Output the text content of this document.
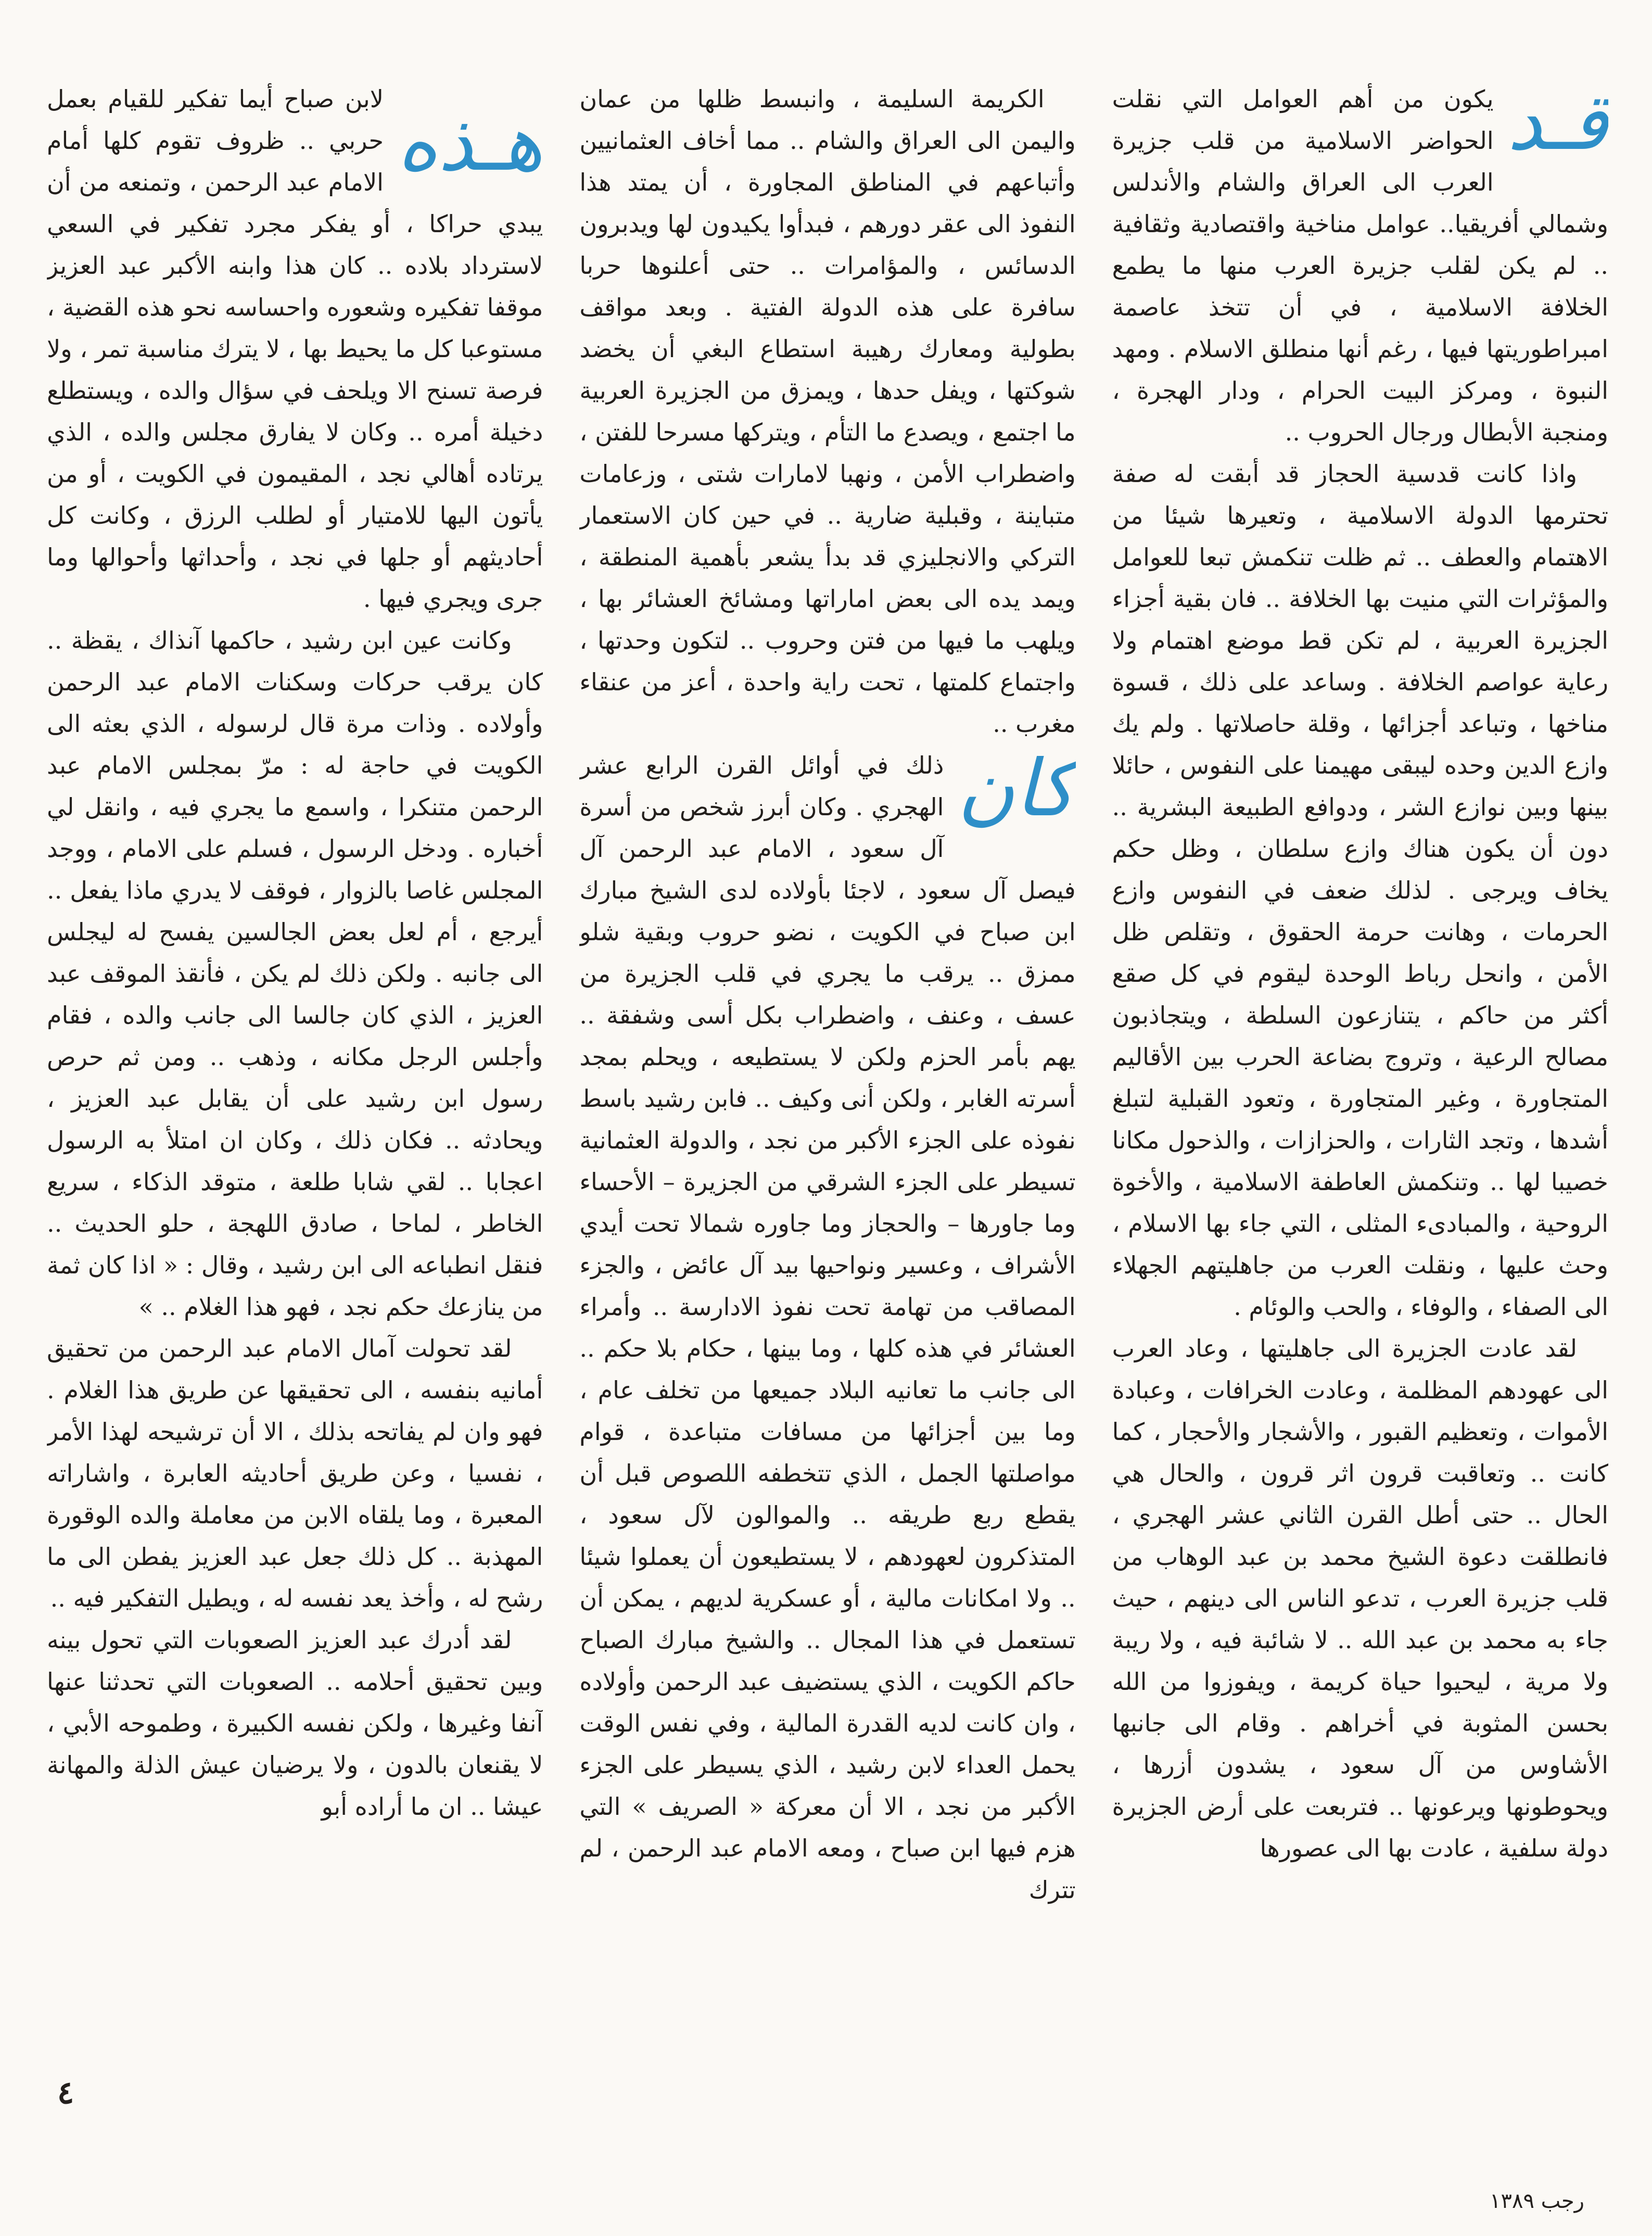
قـد

يكون من أهم العوامل التي نقلت الحواضر الاسلامية من قلب جزيرة العرب الى العراق والشام والأندلس وشمالي أفريقيا.. عوامل مناخية واقتصادية وثقافية .. لم يكن لقلب جزيرة العرب منها ما يطمع الخلافة الاسلامية ، في أن تتخذ عاصمة امبراطوريتها فيها ، رغم أنها منطلق الاسلام . ومهد النبوة ، ومركز البيت الحرام ، ودار الهجرة ، ومنجبة الأبطال ورجال الحروب ..

واذا كانت قدسية الحجاز قد أبقت له صفة تحترمها الدولة الاسلامية ، وتعيرها شيئا من الاهتمام والعطف .. ثم ظلت تنكمش تبعا للعوامل والمؤثرات التي منيت بها الخلافة .. فان بقية أجزاء الجزيرة العربية ، لم تكن قط موضع اهتمام ولا رعاية عواصم الخلافة . وساعد على ذلك ، قسوة مناخها ، وتباعد أجزائها ، وقلة حاصلاتها . ولم يك وازع الدين وحده ليبقى مهيمنا على النفوس ، حائلا بينها وبين نوازع الشر ، ودوافع الطبيعة البشرية .. دون أن يكون هناك وازع سلطان ، وظل حكم يخاف ويرجى . لذلك ضعف في النفوس وازع الحرمات ، وهانت حرمة الحقوق ، وتقلص ظل الأمن ، وانحل رباط الوحدة ليقوم في كل صقع أكثر من حاكم ، يتنازعون السلطة ، ويتجاذبون مصالح الرعية ، وتروج بضاعة الحرب بين الأقاليم المتجاورة ، وغير المتجاورة ، وتعود القبلية لتبلغ أشدها ، وتجد الثارات ، والحزازات ، والذحول مكانا خصيبا لها .. وتنكمش العاطفة الاسلامية ، والأخوة الروحية ، والمبادىء المثلى ، التي جاء بها الاسلام ، وحث عليها ، ونقلت العرب من جاهليتهم الجهلاء الى الصفاء ، والوفاء ، والحب والوئام .

لقد عادت الجزيرة الى جاهليتها ، وعاد العرب الى عهودهم المظلمة ، وعادت الخرافات ، وعبادة الأموات ، وتعظيم القبور ، والأشجار والأحجار ، كما كانت .. وتعاقبت قرون اثر قرون ، والحال هي الحال .. حتى أطل القرن الثاني عشر الهجري ، فانطلقت دعوة الشيخ محمد بن عبد الوهاب من قلب جزيرة العرب ، تدعو الناس الى دينهم ، حيث جاء به محمد بن عبد الله .. لا شائبة فيه ، ولا ريبة ولا مرية ، ليحيوا حياة كريمة ، ويفوزوا من الله بحسن المثوبة في أخراهم . وقام الى جانبها الأشاوس من آل سعود ، يشدون أزرها ، ويحوطونها ويرعونها .. فتربعت على أرض الجزيرة دولة سلفية ، عادت بها الى عصورها

الكريمة السليمة ، وانبسط ظلها من عمان واليمن الى العراق والشام .. مما أخاف العثمانيين وأتباعهم في المناطق المجاورة ، أن يمتد هذا النفوذ الى عقر دورهم ، فبدأوا يكيدون لها ويدبرون الدسائس ، والمؤامرات .. حتى أعلنوها حربا سافرة على هذه الدولة الفتية . وبعد مواقف بطولية ومعارك رهيبة استطاع البغي أن يخضد شوكتها ، ويفل حدها ، ويمزق من الجزيرة العربية ما اجتمع ، ويصدع ما التأم ، ويتركها مسرحا للفتن ، واضطراب الأمن ، ونهبا لامارات شتى ، وزعامات متباينة ، وقبلية ضارية .. في حين كان الاستعمار التركي والانجليزي قد بدأ يشعر بأهمية المنطقة ، ويمد يده الى بعض اماراتها ومشائخ العشائر بها ، ويلهب ما فيها من فتن وحروب .. لتكون وحدتها ، واجتماع كلمتها ، تحت راية واحدة ، أعز من عنقاء مغرب ..

كان

ذلك في أوائل القرن الرابع عشر الهجري . وكان أبرز شخص من أسرة آل سعود ، الامام عبد الرحمن آل فيصل آل سعود ، لاجئا بأولاده لدى الشيخ مبارك ابن صباح في الكويت ، نضو حروب وبقية شلو ممزق .. يرقب ما يجري في قلب الجزيرة من عسف ، وعنف ، واضطراب بكل أسى وشفقة .. يهم بأمر الحزم ولكن لا يستطيعه ، ويحلم بمجد أسرته الغابر ، ولكن أنى وكيف .. فابن رشيد باسط نفوذه على الجزء الأكبر من نجد ، والدولة العثمانية تسيطر على الجزء الشرقي من الجزيرة – الأحساء وما جاورها – والحجاز وما جاوره شمالا تحت أيدي الأشراف ، وعسير ونواحيها بيد آل عائض ، والجزء المصاقب من تهامة تحت نفوذ الادارسة .. وأمراء العشائر في هذه كلها ، وما بينها ، حكام بلا حكم .. الى جانب ما تعانيه البلاد جميعها من تخلف عام ، وما بين أجزائها من مسافات متباعدة ، قوام مواصلتها الجمل ، الذي تتخطفه اللصوص قبل أن يقطع ربع طريقه .. والموالون لآل سعود ، المتذكرون لعهودهم ، لا يستطيعون أن يعملوا شيئا .. ولا امكانات مالية ، أو عسكرية لديهم ، يمكن أن تستعمل في هذا المجال .. والشيخ مبارك الصباح حاكم الكويت ، الذي يستضيف عبد الرحمن وأولاده ، وان كانت لديه القدرة المالية ، وفي نفس الوقت يحمل العداء لابن رشيد ، الذي يسيطر على الجزء الأكبر من نجد ، الا أن معركة « الصريف » التي هزم فيها ابن صباح ، ومعه الامام عبد الرحمن ، لم تترك

هـذه

لابن صباح أيما تفكير للقيام بعمل حربي .. ظروف تقوم كلها أمام الامام عبد الرحمن ، وتمنعه من أن يبدي حراكا ، أو يفكر مجرد تفكير في السعي لاسترداد بلاده .. كان هذا وابنه الأكبر عبد العزيز موقفا تفكيره وشعوره واحساسه نحو هذه القضية ، مستوعبا كل ما يحيط بها ، لا يترك مناسبة تمر ، ولا فرصة تسنح الا ويلحف في سؤال والده ، ويستطلع دخيلة أمره .. وكان لا يفارق مجلس والده ، الذي يرتاده أهالي نجد ، المقيمون في الكويت ، أو من يأتون اليها للامتيار أو لطلب الرزق ، وكانت كل أحاديثهم أو جلها في نجد ، وأحداثها وأحوالها وما جرى ويجري فيها .

وكانت عين ابن رشيد ، حاكمها آنذاك ، يقظة .. كان يرقب حركات وسكنات الامام عبد الرحمن وأولاده . وذات مرة قال لرسوله ، الذي بعثه الى الكويت في حاجة له : مرّ بمجلس الامام عبد الرحمن متنكرا ، واسمع ما يجري فيه ، وانقل لي أخباره . ودخل الرسول ، فسلم على الامام ، ووجد المجلس غاصا بالزوار ، فوقف لا يدري ماذا يفعل .. أيرجع ، أم لعل بعض الجالسين يفسح له ليجلس الى جانبه . ولكن ذلك لم يكن ، فأنقذ الموقف عبد العزيز ، الذي كان جالسا الى جانب والده ، فقام وأجلس الرجل مكانه ، وذهب .. ومن ثم حرص رسول ابن رشيد على أن يقابل عبد العزيز ، ويحادثه .. فكان ذلك ، وكان ان امتلأ به الرسول اعجابا .. لقي شابا طلعة ، متوقد الذكاء ، سريع الخاطر ، لماحا ، صادق اللهجة ، حلو الحديث .. فنقل انطباعه الى ابن رشيد ، وقال : « اذا كان ثمة من ينازعك حكم نجد ، فهو هذا الغلام .. »

لقد تحولت آمال الامام عبد الرحمن من تحقيق أمانيه بنفسه ، الى تحقيقها عن طريق هذا الغلام . فهو وان لم يفاتحه بذلك ، الا أن ترشيحه لهذا الأمر ، نفسيا ، وعن طريق أحاديثه العابرة ، واشاراته المعبرة ، وما يلقاه الابن من معاملة والده الوقورة المهذبة .. كل ذلك جعل عبد العزيز يفطن الى ما رشح له ، وأخذ يعد نفسه له ، ويطيل التفكير فيه ..

لقد أدرك عبد العزيز الصعوبات التي تحول بينه وبين تحقيق أحلامه .. الصعوبات التي تحدثنا عنها آنفا وغيرها ، ولكن نفسه الكبيرة ، وطموحه الأبي ، لا يقنعان بالدون ، ولا يرضيان عيش الذلة والمهانة عيشا .. ان ما أراده أبو

٤
رجب ١٣٨٩
